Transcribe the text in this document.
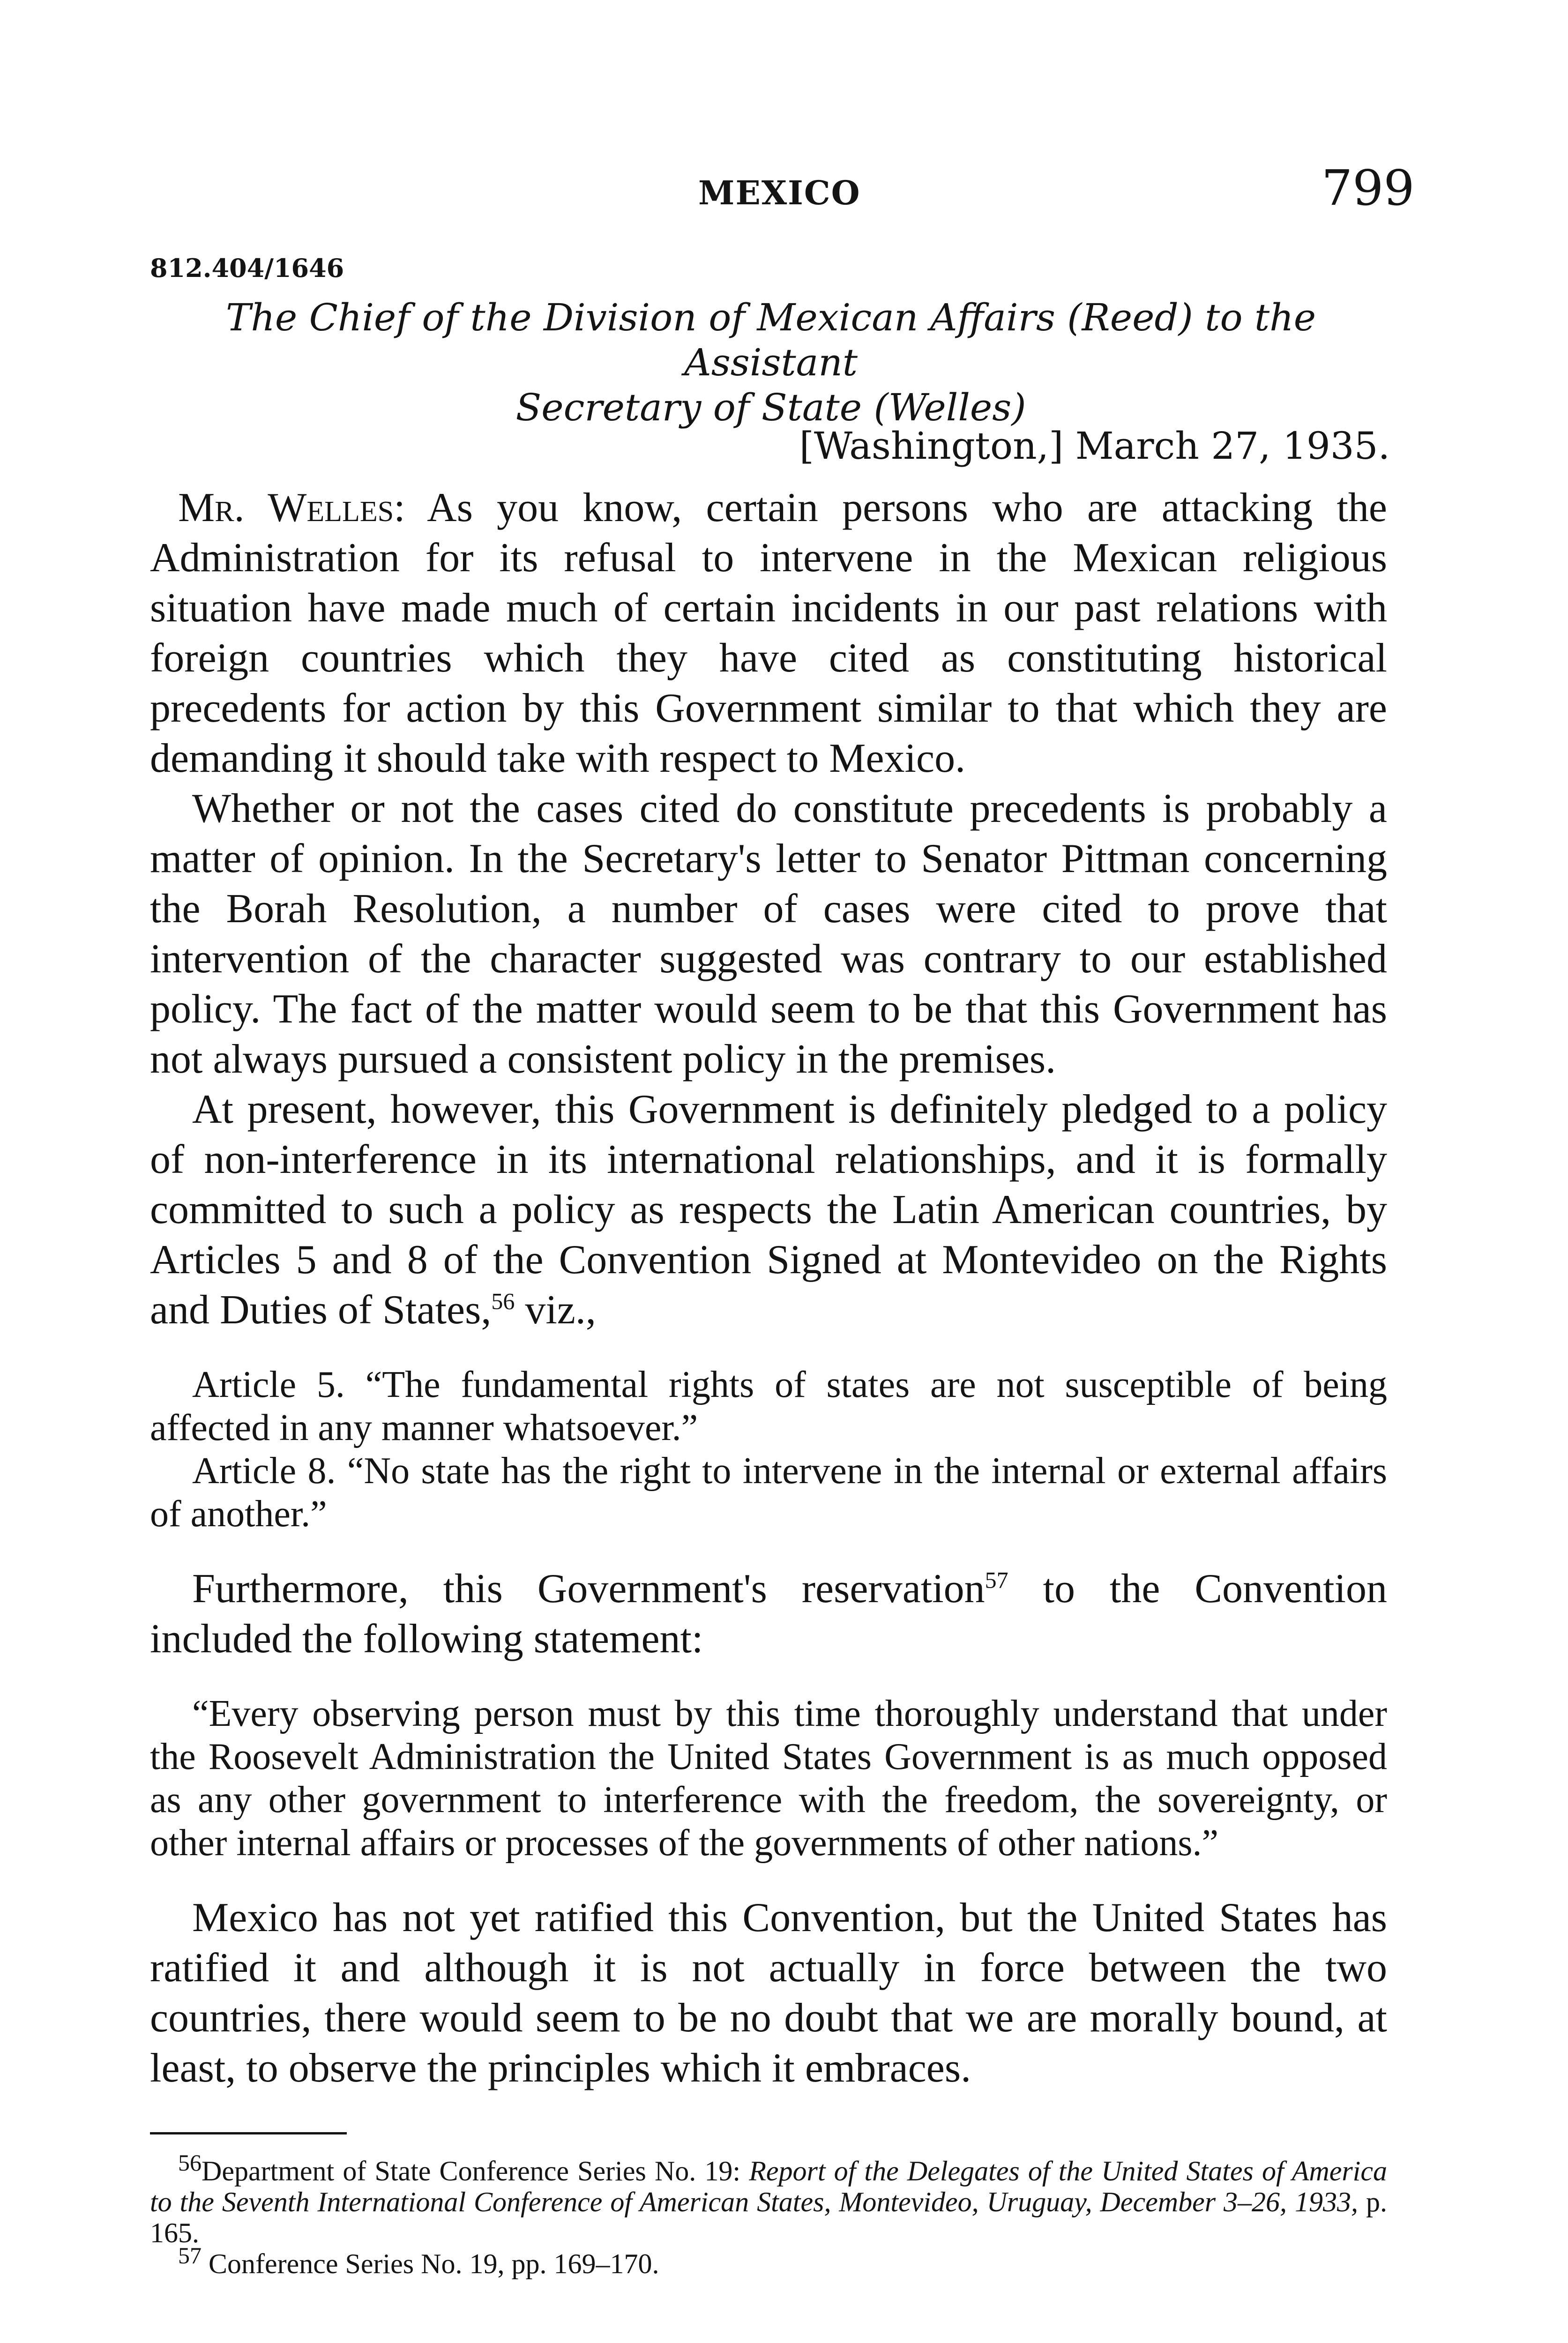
MEXICO	799
812.404/1646
The Chief of the Division of Mexican Affairs (Reed) to the Assistant
Secretary of State (Welles)
[Washington,] March 27, 1935.

Mr. Welles: As you know, certain persons who are attacking the Administration for its refusal to intervene in the Mexican religious situation have made much of certain incidents in our past relations with foreign countries which they have cited as constituting historical precedents for action by this Government similar to that which they are demanding it should take with respect to Mexico.

Whether or not the cases cited do constitute precedents is probably a matter of opinion. In the Secretary's letter to Senator Pittman concerning the Borah Resolution, a number of cases were cited to prove that intervention of the character suggested was contrary to our established policy. The fact of the matter would seem to be that this Government has not always pursued a consistent policy in the premises.

At present, however, this Government is definitely pledged to a policy of non-interference in its international relationships, and it is formally committed to such a policy as respects the Latin American countries, by Articles 5 and 8 of the Convention Signed at Montevideo on the Rights and Duties of States,$^{56}$ viz.,

Article 5. “The fundamental rights of states are not susceptible of being affected in any manner whatsoever.”

Article 8. “No state has the right to intervene in the internal or external affairs of another.”

Furthermore, this Government's reservation$^{57}$ to the Convention included the following statement:

“Every observing person must by this time thoroughly understand that under the Roosevelt Administration the United States Government is as much opposed as any other government to interference with the freedom, the sovereignty, or other internal affairs or processes of the governments of other nations.”

Mexico has not yet ratified this Convention, but the United States has ratified it and although it is not actually in force between the two countries, there would seem to be no doubt that we are morally bound, at least, to observe the principles which it embraces.

$^{56}$Department of State Conference Series No. 19: Report of the Delegates of the United States of America to the Seventh International Conference of American States, Montevideo, Uruguay, December 3–26, 1933, p. 165.

$^{57}$ Conference Series No. 19, pp. 169–170.
